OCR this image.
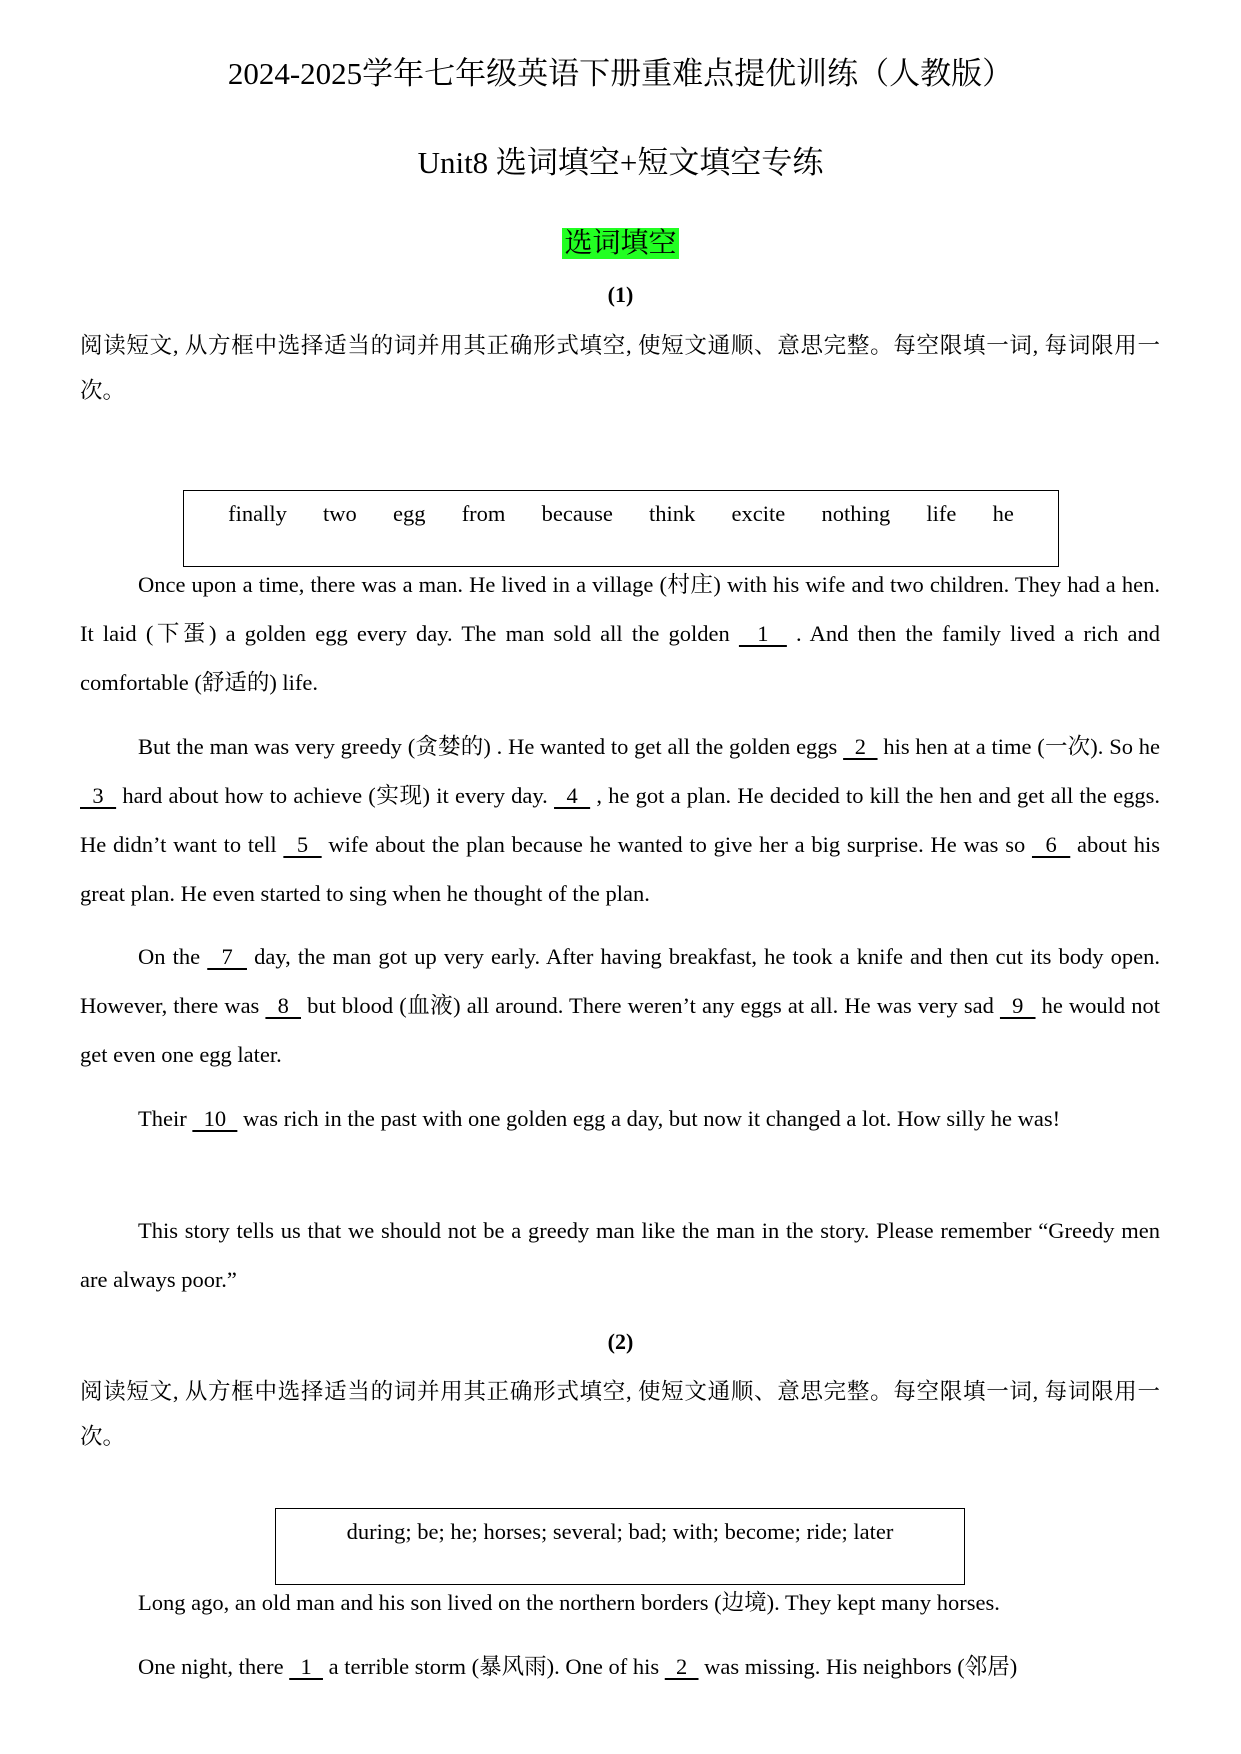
2024-2025学年七年级英语下册重难点提优训练（人教版）
Unit8 选词填空+短文填空专练
选词填空
(1)

阅读短文, 从方框中选择适当的词并用其正确形式填空, 使短文通顺、意思完整。每空限填一词, 每词限用一次。

finally two egg from because think excite nothing life he

Once upon a time, there was a man. He lived in a village (村庄) with his wife and two children. They had a hen. It laid (下蛋) a golden egg every day. The man sold all the golden   1   . And then the family lived a rich and comfortable (舒适的) life.

But the man was very greedy (贪婪的) . He wanted to get all the golden eggs   2   his hen at a time (一次). So he   3   hard about how to achieve (实现) it every day.   4   , he got a plan. He decided to kill the hen and get all the eggs. He didn’t want to tell   5   wife about the plan because he wanted to give her a big surprise. He was so   6   about his great plan. He even started to sing when he thought of the plan.

On the   7   day, the man got up very early. After having breakfast, he took a knife and then cut its body open. However, there was   8   but blood (血液) all around. There weren’t any eggs at all. He was very sad   9   he would not get even one egg later.

Their   10   was rich in the past with one golden egg a day, but now it changed a lot. How silly he was!

This story tells us that we should not be a greedy man like the man in the story. Please remember “Greedy men are always poor.”

(2)

阅读短文, 从方框中选择适当的词并用其正确形式填空, 使短文通顺、意思完整。每空限填一词, 每词限用一次。

during; be; he; horses; several; bad; with; become; ride; later

Long ago, an old man and his son lived on the northern borders (边境). They kept many horses.

One night, there   1   a terrible storm (暴风雨). One of his   2   was missing. His neighbors (邻居)
